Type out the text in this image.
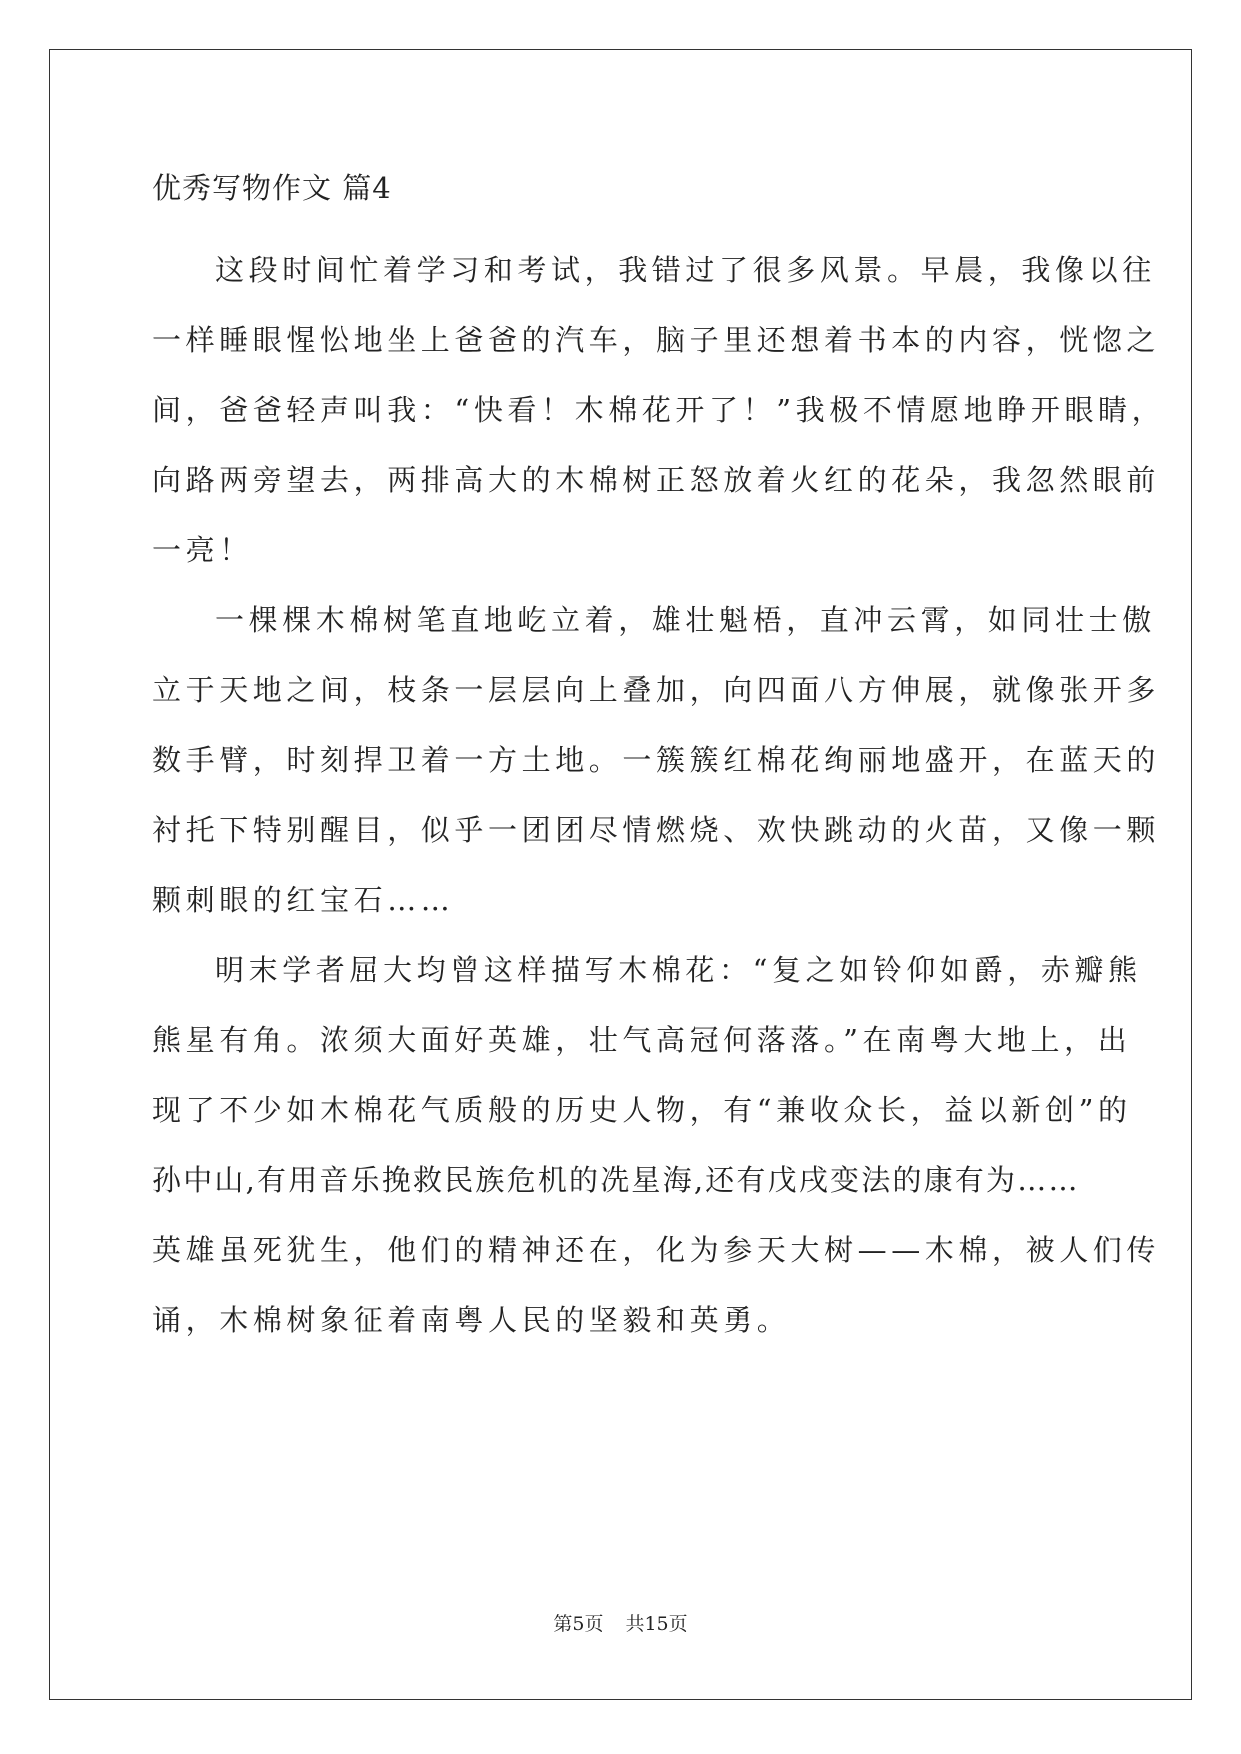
优秀写物作文 篇4
这段时间忙着学习和考试，我错过了很多风景。早晨，我像以往
一样睡眼惺忪地坐上爸爸的汽车，脑子里还想着书本的内容，恍惚之
间，爸爸轻声叫我：“快看！木棉花开了！”我极不情愿地睁开眼睛，
向路两旁望去，两排高大的木棉树正怒放着火红的花朵，我忽然眼前
一亮！
一棵棵木棉树笔直地屹立着，雄壮魁梧，直冲云霄，如同壮士傲
立于天地之间，枝条一层层向上叠加，向四面八方伸展，就像张开多
数手臂，时刻捍卫着一方土地。一簇簇红棉花绚丽地盛开，在蓝天的
衬托下特别醒目，似乎一团团尽情燃烧、欢快跳动的火苗，又像一颗
颗刺眼的红宝石……
明末学者屈大均曾这样描写木棉花：“复之如铃仰如爵，赤瓣熊
熊星有角。浓须大面好英雄，壮气高冠何落落。”在南粤大地上，出
现了不少如木棉花气质般的历史人物，有“兼收众长，益以新创”的
孙中山,有用音乐挽救民族危机的冼星海,还有戊戌变法的康有为……
英雄虽死犹生，他们的精神还在，化为参天大树——木棉，被人们传
诵，木棉树象征着南粤人民的坚毅和英勇。
第5页 共15页
